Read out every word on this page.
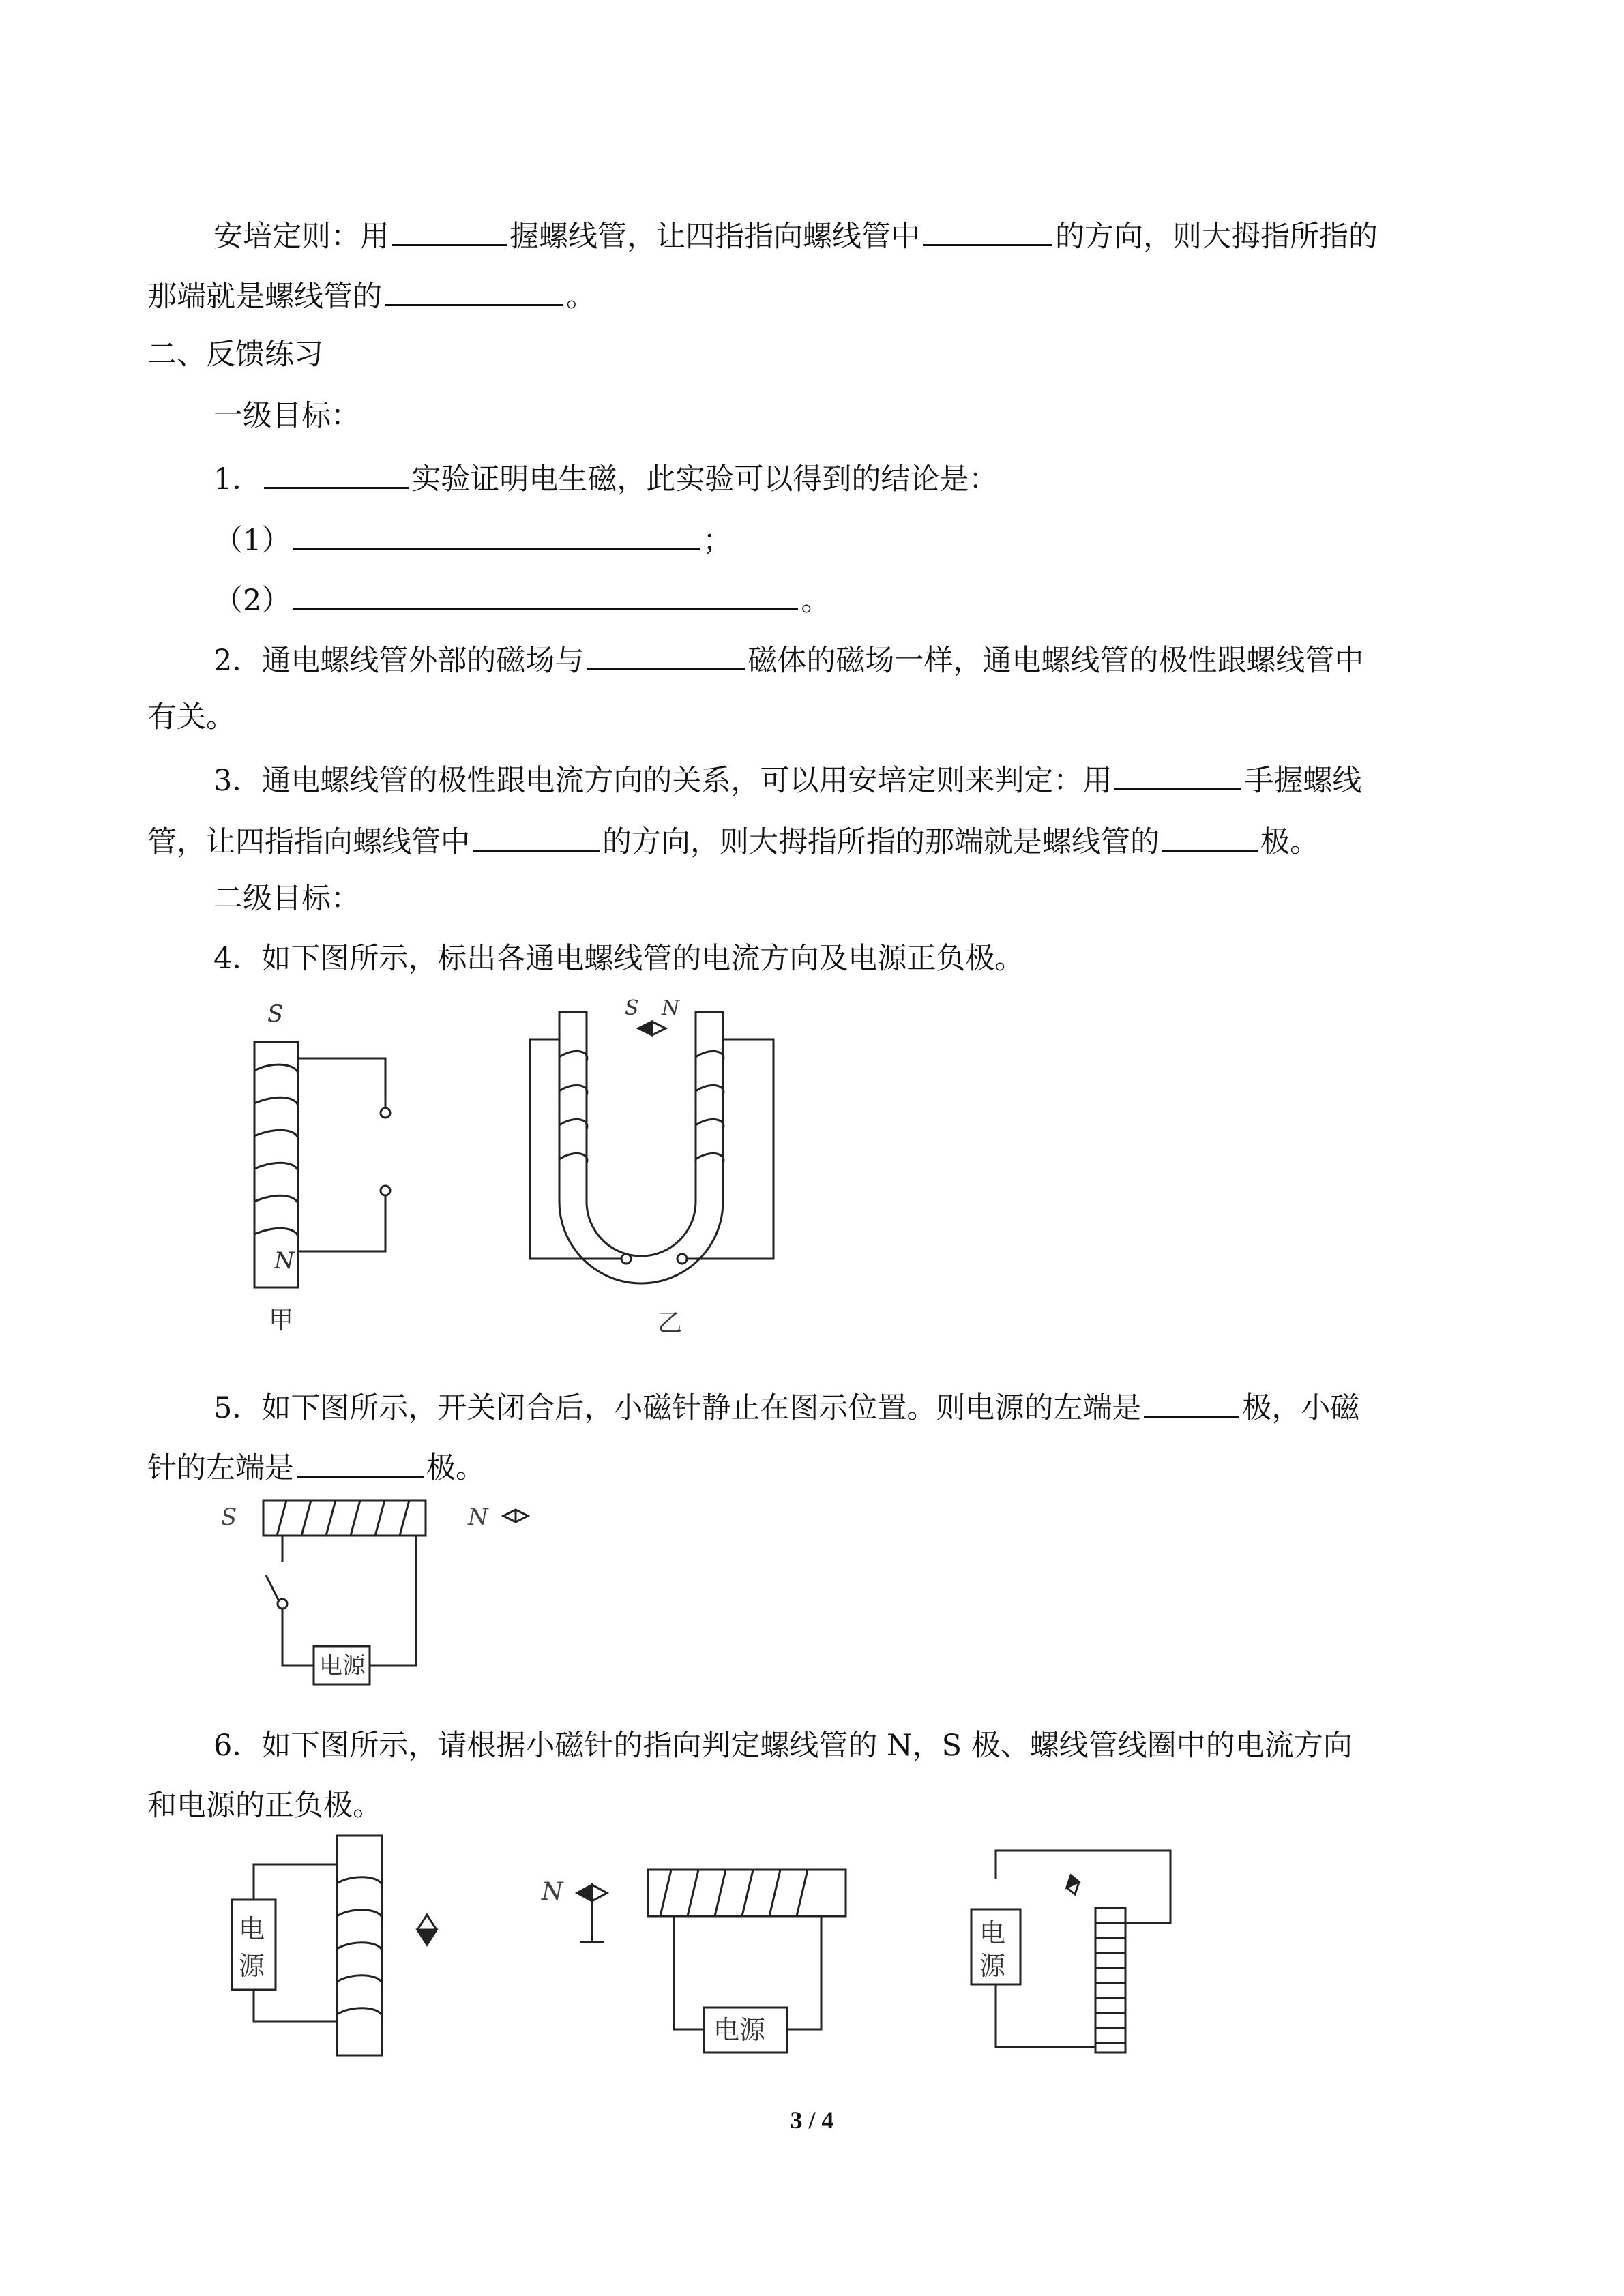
安培定则：用	握螺线管，让四指指向螺线管中	的方向，则大拇指所指的
那端就是螺线管的	。
二、反馈练习
一级目标：
1．	实验证明电生磁，此实验可以得到的结论是：
（1）	；
（2）	。
2．通电螺线管外部的磁场与	磁体的磁场一样，通电螺线管的极性跟螺线管中
有关。
3．通电螺线管的极性跟电流方向的关系，可以用安培定则来判定：用	手握螺线
管，让四指指向螺线管中	的方向，则大拇指所指的那端就是螺线管的	极。
二级目标：
4．如下图所示，标出各通电螺线管的电流方向及电源正负极。
S
N
甲
S N
乙
5．如下图所示，开关闭合后，小磁针静止在图示位置。则电源的左端是	极，小磁
针的左端是	极。
S	N
电源
6．如下图所示，请根据小磁针的指向判定螺线管的 N，S 极、螺线管线圈中的电流方向
和电源的正负极。
电
源
N
电源
电
源
3 / 4
